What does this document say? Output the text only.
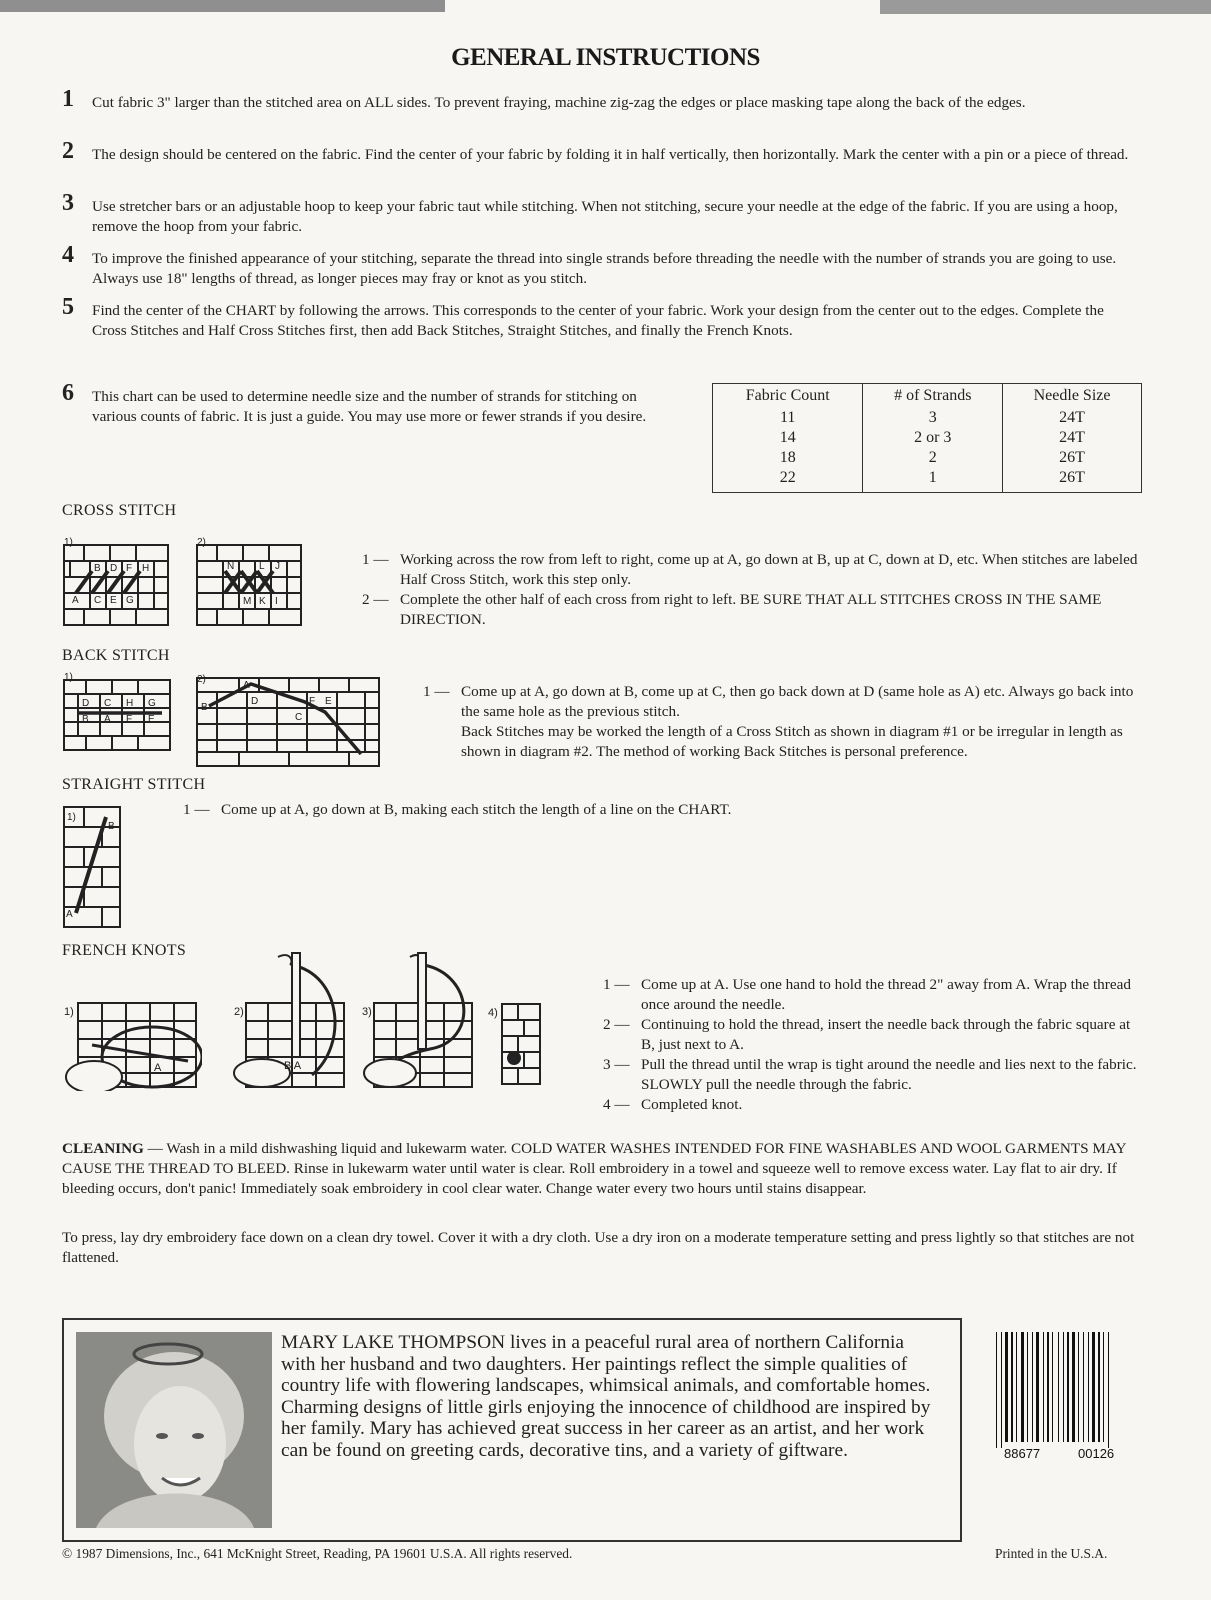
GENERAL INSTRUCTIONS
1 Cut fabric 3" larger than the stitched area on ALL sides. To prevent fraying, machine zig-zag the edges or place masking tape along the back of the edges.
2 The design should be centered on the fabric. Find the center of your fabric by folding it in half vertically, then horizontally. Mark the center with a pin or a piece of thread.
3 Use stretcher bars or an adjustable hoop to keep your fabric taut while stitching. When not stitching, secure your needle at the edge of the fabric. If you are using a hoop, remove the hoop from your fabric.
4 To improve the finished appearance of your stitching, separate the thread into single strands before threading the needle with the number of strands you are going to use. Always use 18" lengths of thread, as longer pieces may fray or knot as you stitch.
5 Find the center of the CHART by following the arrows. This corresponds to the center of your fabric. Work your design from the center out to the edges. Complete the Cross Stitches and Half Cross Stitches first, then add Back Stitches, Straight Stitches, and finally the French Knots.
6 This chart can be used to determine needle size and the number of strands for stitching on various counts of fabric. It is just a guide. You may use more or fewer strands if you desire.
Fabric Count	# of Strands	Needle Size
11	3	24T
14	2 or 3	24T
18	2	26T
22	1	26T
CROSS STITCH
1)
B D F H
A C E G
2)
N L J
M K I
1 — Working across the row from left to right, come up at A, go down at B, up at C, down at D, etc. When stitches are labeled Half Cross Stitch, work this step only.
2 — Complete the other half of each cross from right to left. BE SURE THAT ALL STITCHES CROSS IN THE SAME DIRECTION.
BACK STITCH
1)
D C H G
B A F E
2)
A
B
D	F E
C
1 — Come up at A, go down at B, come up at C, then go back down at D (same hole as A) etc. Always go back into the same hole as the previous stitch.
Back Stitches may be worked the length of a Cross Stitch as shown in diagram #1 or be irregular in length as shown in diagram #2. The method of working Back Stitches is personal preference.
STRAIGHT STITCH
1)
B
A
1 — Come up at A, go down at B, making each stitch the length of a line on the CHART.
FRENCH KNOTS
1)
A
2)
B A
3)	4)
1 — Come up at A. Use one hand to hold the thread 2" away from A. Wrap the thread once around the needle.
2 — Continuing to hold the thread, insert the needle back through the fabric square at B, just next to A.
3 — Pull the thread until the wrap is tight around the needle and lies next to the fabric. SLOWLY pull the needle through the fabric.
4 — Completed knot.
CLEANING — Wash in a mild dishwashing liquid and lukewarm water. COLD WATER WASHES INTENDED FOR FINE WASHABLES AND WOOL GARMENTS MAY CAUSE THE THREAD TO BLEED. Rinse in lukewarm water until water is clear. Roll embroidery in a towel and squeeze well to remove excess water. Lay flat to air dry. If bleeding occurs, don't panic! Immediately soak embroidery in cool clear water. Change water every two hours until stains disappear.
To press, lay dry embroidery face down on a clean dry towel. Cover it with a dry cloth. Use a dry iron on a moderate temperature setting and press lightly so that stitches are not flattened.
MARY LAKE THOMPSON lives in a peaceful rural area of northern California with her husband and two daughters. Her paintings reflect the simple qualities of country life with flowering landscapes, whimsical animals, and comfortable homes. Charming designs of little girls enjoying the innocence of childhood are inspired by her family. Mary has achieved great success in her career as an artist, and her work can be found on greeting cards, decorative tins, and a variety of giftware.	88677	00126
© 1987 Dimensions, Inc., 641 McKnight Street, Reading, PA 19601 U.S.A. All rights reserved.	Printed in the U.S.A.
